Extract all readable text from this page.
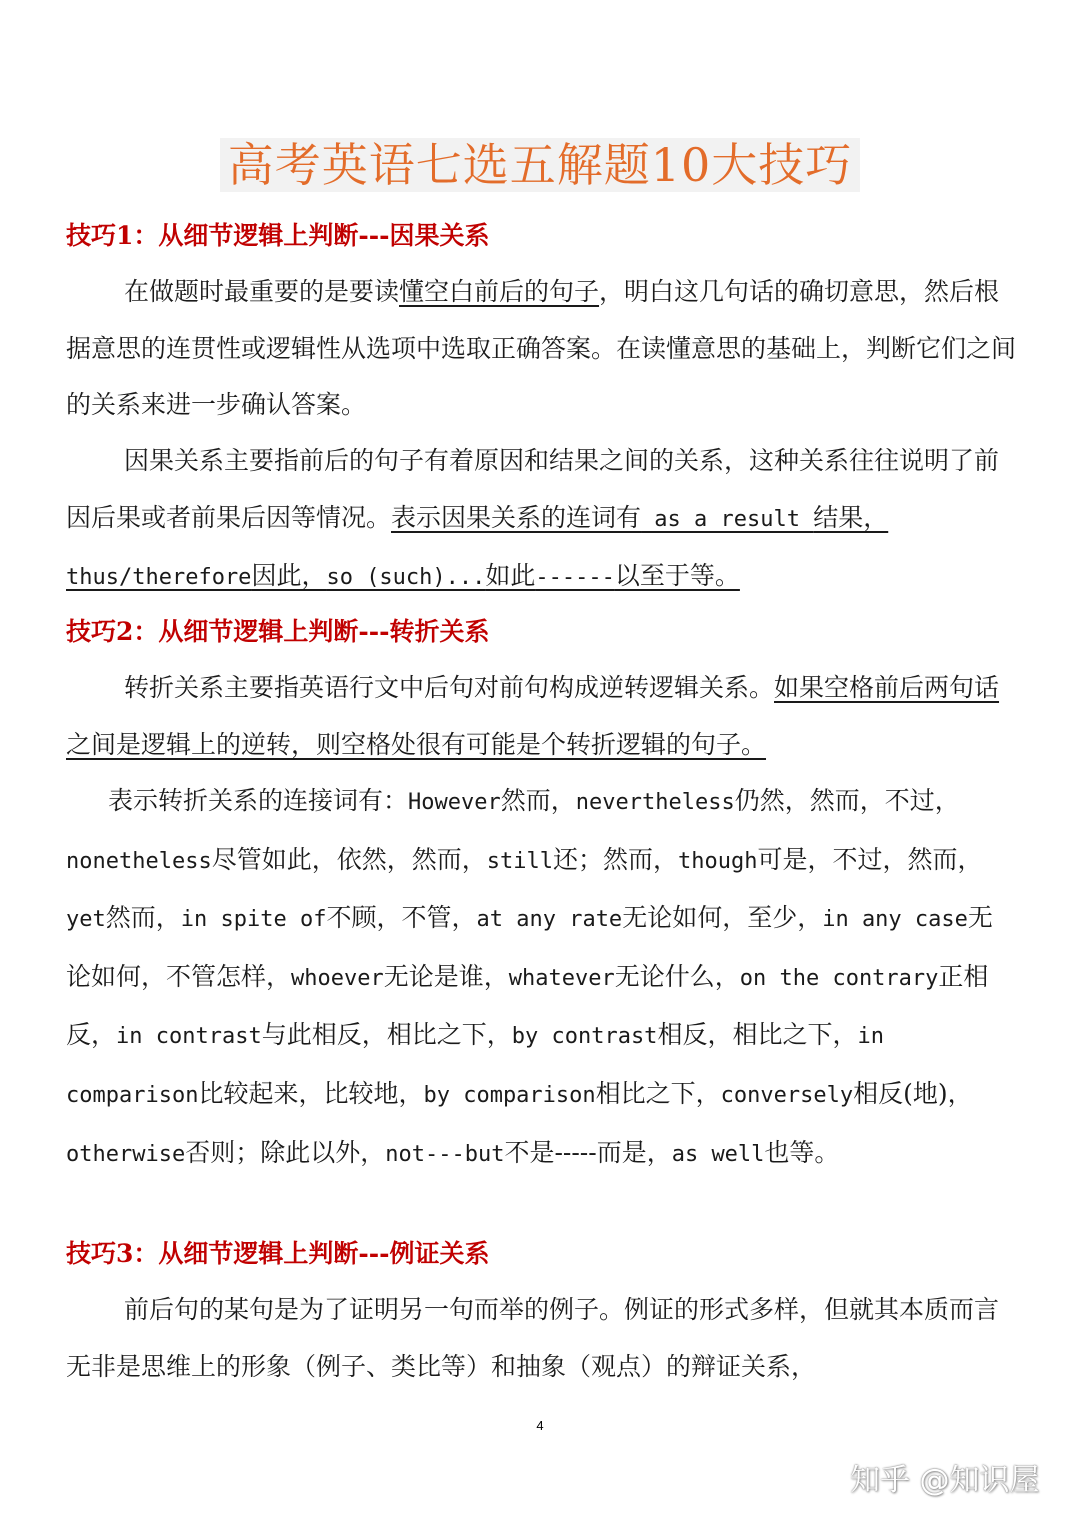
高考英语七选五解题10大技巧
技巧1：从细节逻辑上判断---因果关系
在做题时最重要的是要读懂空白前后的句子，明白这几句话的确切意思，然后根据意思的连贯性或逻辑性从选项中选取正确答案。在读懂意思的基础上，判断它们之间的关系来进一步确认答案。
因果关系主要指前后的句子有着原因和结果之间的关系，这种关系往往说明了前因后果或者前果后因等情况。表示因果关系的连词有 as a result 结果，thus/therefore因此，so (such)...如此------以至于等。
技巧2：从细节逻辑上判断---转折关系
转折关系主要指英语行文中后句对前句构成逆转逻辑关系。如果空格前后两句话之间是逻辑上的逆转，则空格处很有可能是个转折逻辑的句子。
表示转折关系的连接词有：However然而，nevertheless仍然，然而，不过，nonetheless尽管如此，依然，然而，still还；然而，though可是，不过，然而，yet然而，in spite of不顾，不管，at any rate无论如何，至少，in any case无论如何，不管怎样，whoever无论是谁，whatever无论什么，on the contrary正相反，in contrast与此相反，相比之下，by contrast相反，相比之下，in comparison比较起来，比较地，by comparison相比之下，conversely相反(地)，otherwise否则；除此以外，not---but不是-----而是，as well也等。
技巧3：从细节逻辑上判断---例证关系
前后句的某句是为了证明另一句而举的例子。例证的形式多样，但就其本质而言无非是思维上的形象（例子、类比等）和抽象（观点）的辩证关系，
4
知乎 @知识屋
